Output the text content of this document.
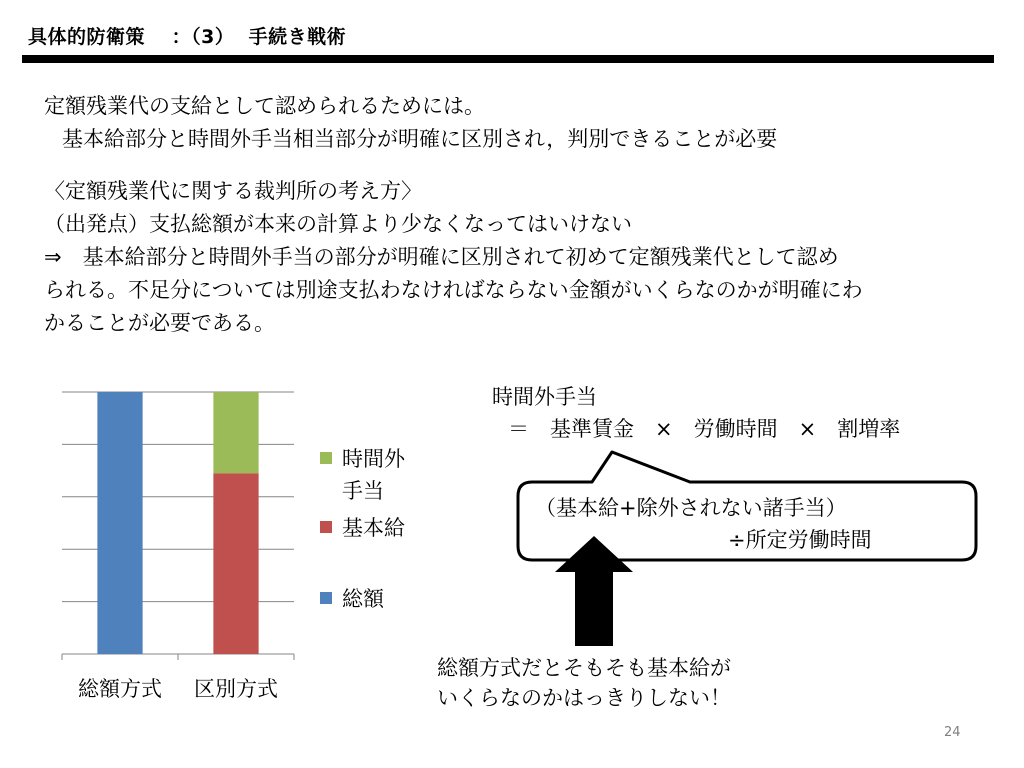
具体的防衛策　 ：（3）  手続き戦術
定額残業代の支給として認められるためには。
基本給部分と時間外手当相当部分が明確に区別され，判別できることが必要
〈定額残業代に関する裁判所の考え方〉
（出発点）支払総額が本来の計算より少なくなってはいけない
⇒　基本給部分と時間外手当の部分が明確に区別されて初めて定額残業代として認め
られる。不足分については別途支払わなければならない金額がいくらなのかが明確にわ
かることが必要である。
総額方式 区別方式
時間外
手当
基本給
総額
時間外手当
＝　基準賃金　×　労働時間　×　割増率
（基本給+除外されない諸手当）
÷所定労働時間
総額方式だとそもそも基本給が
いくらなのかはっきりしない！
24
